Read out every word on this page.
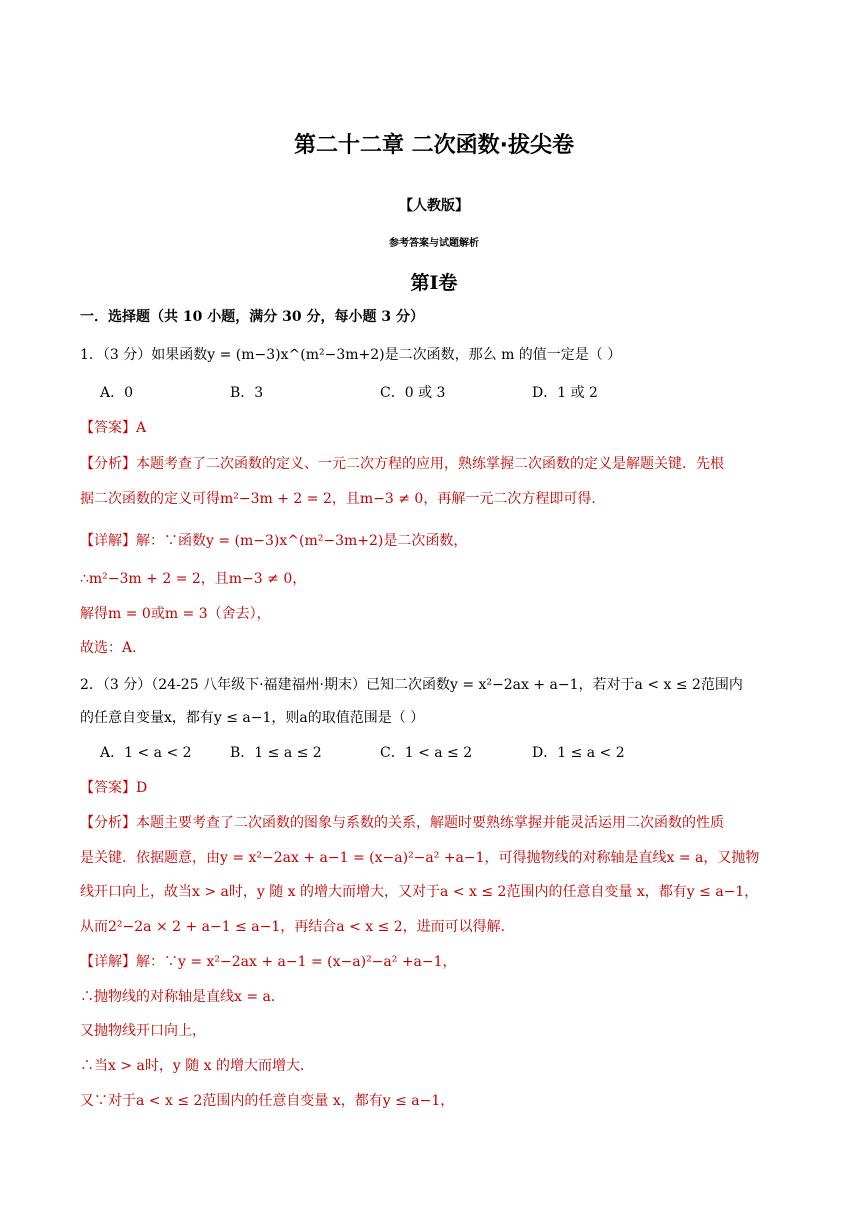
第二十二章 二次函数·拔尖卷
【人教版】
参考答案与试题解析
第Ⅰ卷
一．选择题（共 10 小题，满分 30 分，每小题 3 分）
1．（3 分）如果函数y = (m−3)x^(m²−3m+2)是二次函数，那么 m 的值一定是（ ）
A．0	B．3	C．0 或 3	D．1 或 2
【答案】A
【分析】本题考查了二次函数的定义、一元二次方程的应用，熟练掌握二次函数的定义是解题关键．先根
据二次函数的定义可得m²−3m + 2 = 2，且m−3 ≠ 0，再解一元二次方程即可得．
【详解】解：∵函数y = (m−3)x^(m²−3m+2)是二次函数，
∴m²−3m + 2 = 2，且m−3 ≠ 0，
解得m = 0或m = 3（舍去），
故选：A．
2．（3 分）（24-25 八年级下·福建福州·期末）已知二次函数y = x²−2ax + a−1，若对于a < x ≤ 2范围内
的任意自变量x，都有y ≤ a−1，则a的取值范围是（ ）
A．1 < a < 2	B．1 ≤ a ≤ 2	C．1 < a ≤ 2	D．1 ≤ a < 2
【答案】D
【分析】本题主要考查了二次函数的图象与系数的关系，解题时要熟练掌握并能灵活运用二次函数的性质
是关键．依据题意，由y = x²−2ax + a−1 = (x−a)²−a² +a−1，可得抛物线的对称轴是直线x = a，又抛物
线开口向上，故当x > a时，y 随 x 的增大而增大，又对于a < x ≤ 2范围内的任意自变量 x，都有y ≤ a−1，
从而2²−2a × 2 + a−1 ≤ a−1，再结合a < x ≤ 2，进而可以得解．
【详解】解：∵y = x²−2ax + a−1 = (x−a)²−a² +a−1，
∴抛物线的对称轴是直线x = a．
又抛物线开口向上，
∴当x > a时，y 随 x 的增大而增大．
又∵对于a < x ≤ 2范围内的任意自变量 x，都有y ≤ a−1，
